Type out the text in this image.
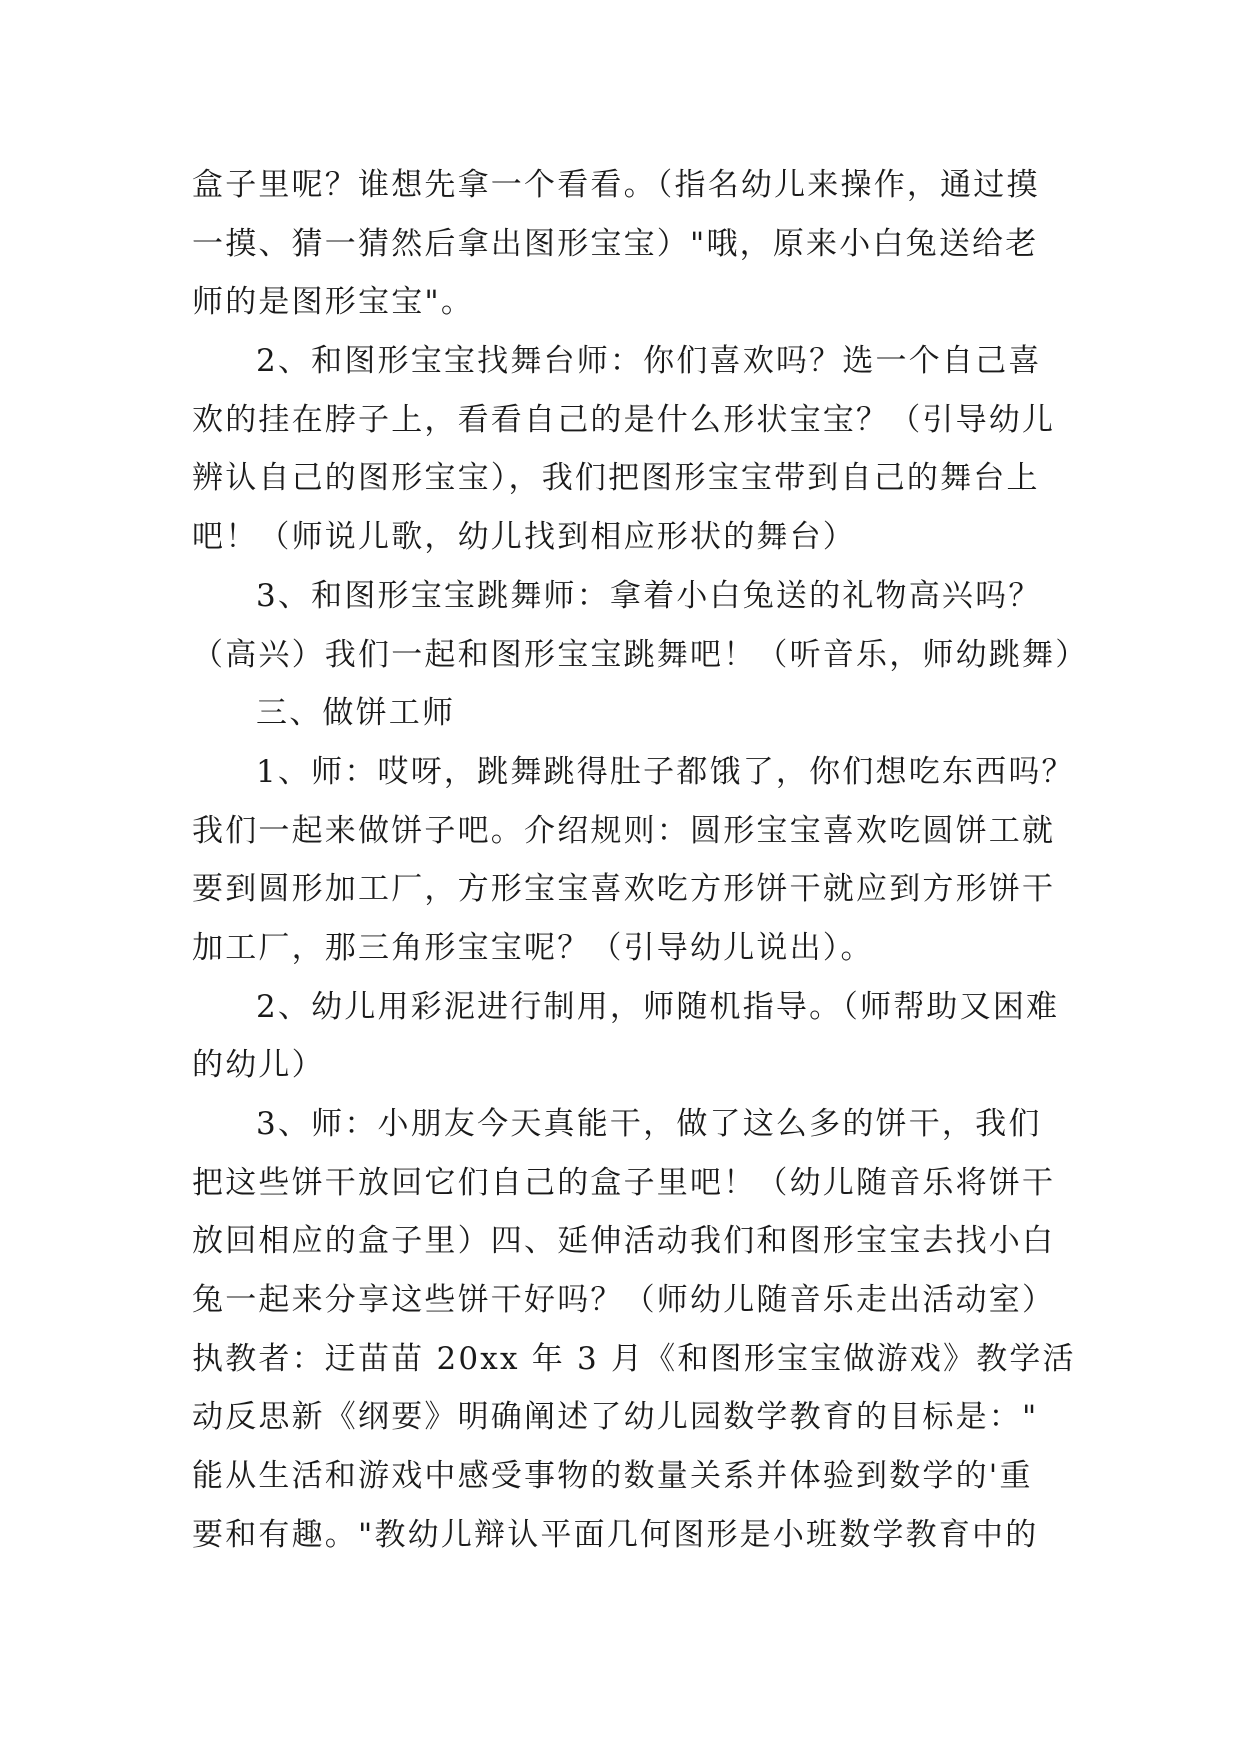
盒子里呢？谁想先拿一个看看。（指名幼儿来操作，通过摸
一摸、猜一猜然后拿出图形宝宝）"哦，原来小白兔送给老
师的是图形宝宝"。
2、和图形宝宝找舞台师：你们喜欢吗？选一个自己喜
欢的挂在脖子上，看看自己的是什么形状宝宝？（引导幼儿
辨认自己的图形宝宝），我们把图形宝宝带到自己的舞台上
吧！（师说儿歌，幼儿找到相应形状的舞台）
3、和图形宝宝跳舞师：拿着小白兔送的礼物高兴吗？
（高兴）我们一起和图形宝宝跳舞吧！（听音乐，师幼跳舞）
三、做饼工师
1、师：哎呀，跳舞跳得肚子都饿了，你们想吃东西吗？
我们一起来做饼子吧。介绍规则：圆形宝宝喜欢吃圆饼工就
要到圆形加工厂，方形宝宝喜欢吃方形饼干就应到方形饼干
加工厂，那三角形宝宝呢？（引导幼儿说出）。
2、幼儿用彩泥进行制用，师随机指导。（师帮助又困难
的幼儿）
3、师：小朋友今天真能干，做了这么多的饼干，我们
把这些饼干放回它们自己的盒子里吧！（幼儿随音乐将饼干
放回相应的盒子里）四、延伸活动我们和图形宝宝去找小白
兔一起来分享这些饼干好吗？（师幼儿随音乐走出活动室）
执教者：迂苗苗 20xx 年 3 月《和图形宝宝做游戏》教学活
动反思新《纲要》明确阐述了幼儿园数学教育的目标是："
能从生活和游戏中感受事物的数量关系并体验到数学的'重
要和有趣。"教幼儿辩认平面几何图形是小班数学教育中的
